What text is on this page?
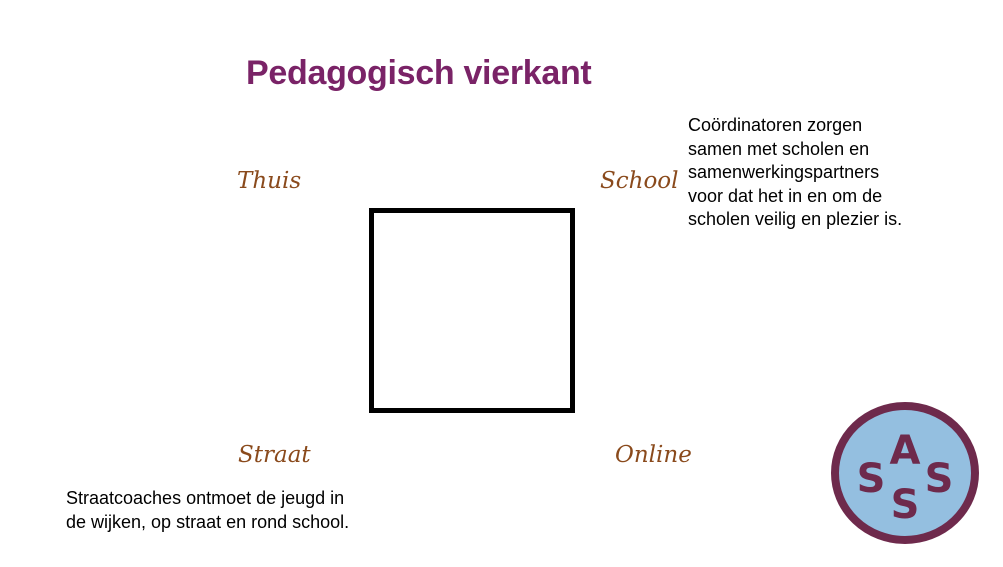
Pedagogisch vierkant
Thuis	School
Straat	Online
Coördinatoren zorgen samen met scholen en samenwerkingspartners voor dat het in en om de scholen veilig en plezier is.
Straatcoaches ontmoet de jeugd in de wijken, op straat en rond school.
A
S S
S
